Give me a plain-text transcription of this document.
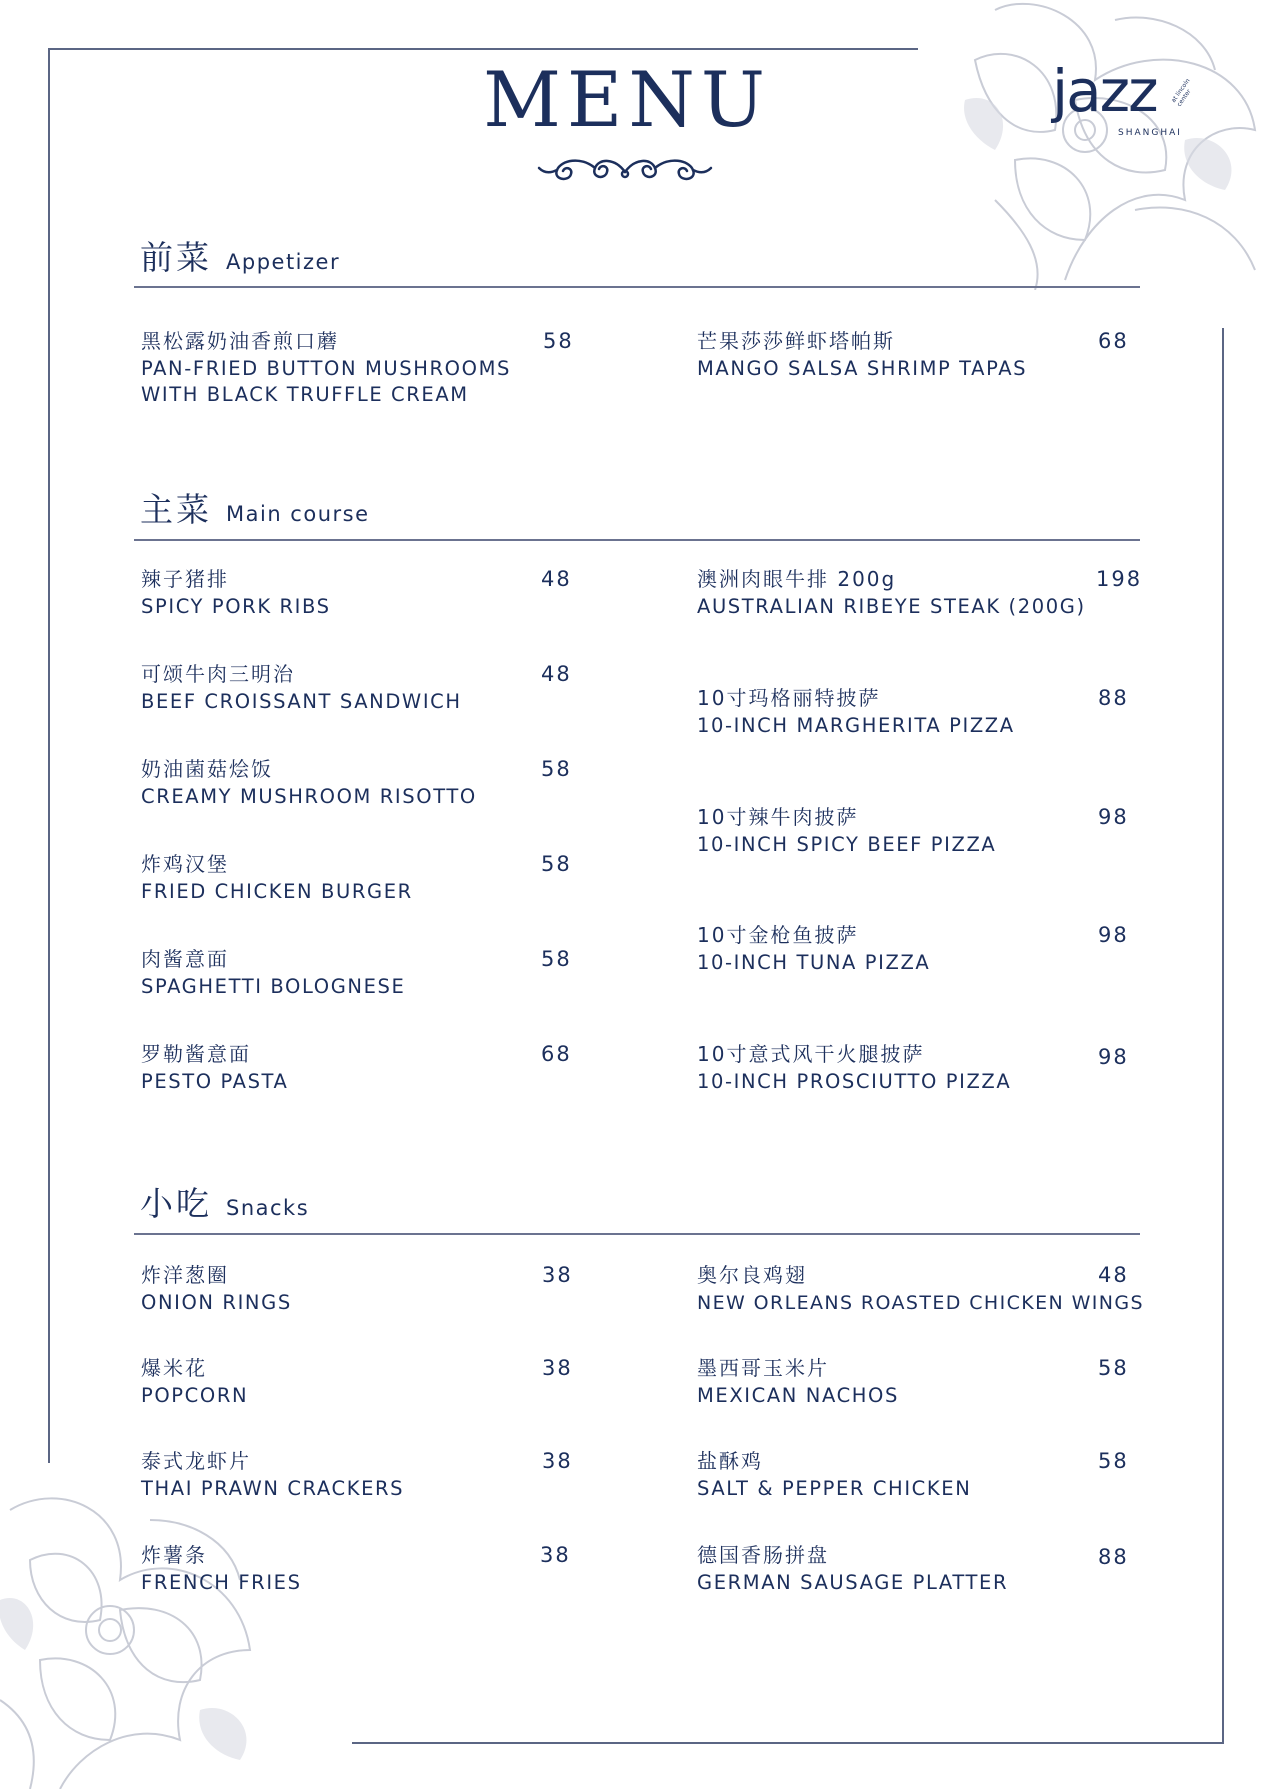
MENU	jazz at lincoln center
SHANGHAI
前菜 Appetizer
黑松露奶油香煎口蘑
PAN-FRIED BUTTON MUSHROOMS
WITH BLACK TRUFFLE CREAM
58	芒果莎莎鲜虾塔帕斯
MANGO SALSA SHRIMP TAPAS
68
主菜 Main course
辣子猪排
SPICY PORK RIBS
48
可颂牛肉三明治
BEEF CROISSANT SANDWICH
48
奶油菌菇烩饭
CREAMY MUSHROOM RISOTTO
58
炸鸡汉堡
FRIED CHICKEN BURGER
58
肉酱意面
SPAGHETTI BOLOGNESE
58
罗勒酱意面
PESTO PASTA
68
澳洲肉眼牛排 200g
AUSTRALIAN RIBEYE STEAK (200G)
198
10寸玛格丽特披萨
10-INCH MARGHERITA PIZZA
88
10寸辣牛肉披萨
10-INCH SPICY BEEF PIZZA
98
10寸金枪鱼披萨
10-INCH TUNA PIZZA
98
10寸意式风干火腿披萨
10-INCH PROSCIUTTO PIZZA
98
小吃 Snacks
炸洋葱圈
ONION RINGS
38
爆米花
POPCORN
38
泰式龙虾片
THAI PRAWN CRACKERS
38
炸薯条
FRENCH FRIES
38
奥尔良鸡翅
NEW ORLEANS ROASTED CHICKEN WINGS
48
墨西哥玉米片
MEXICAN NACHOS
58
盐酥鸡
SALT & PEPPER CHICKEN
58
德国香肠拼盘
GERMAN SAUSAGE PLATTER
88
